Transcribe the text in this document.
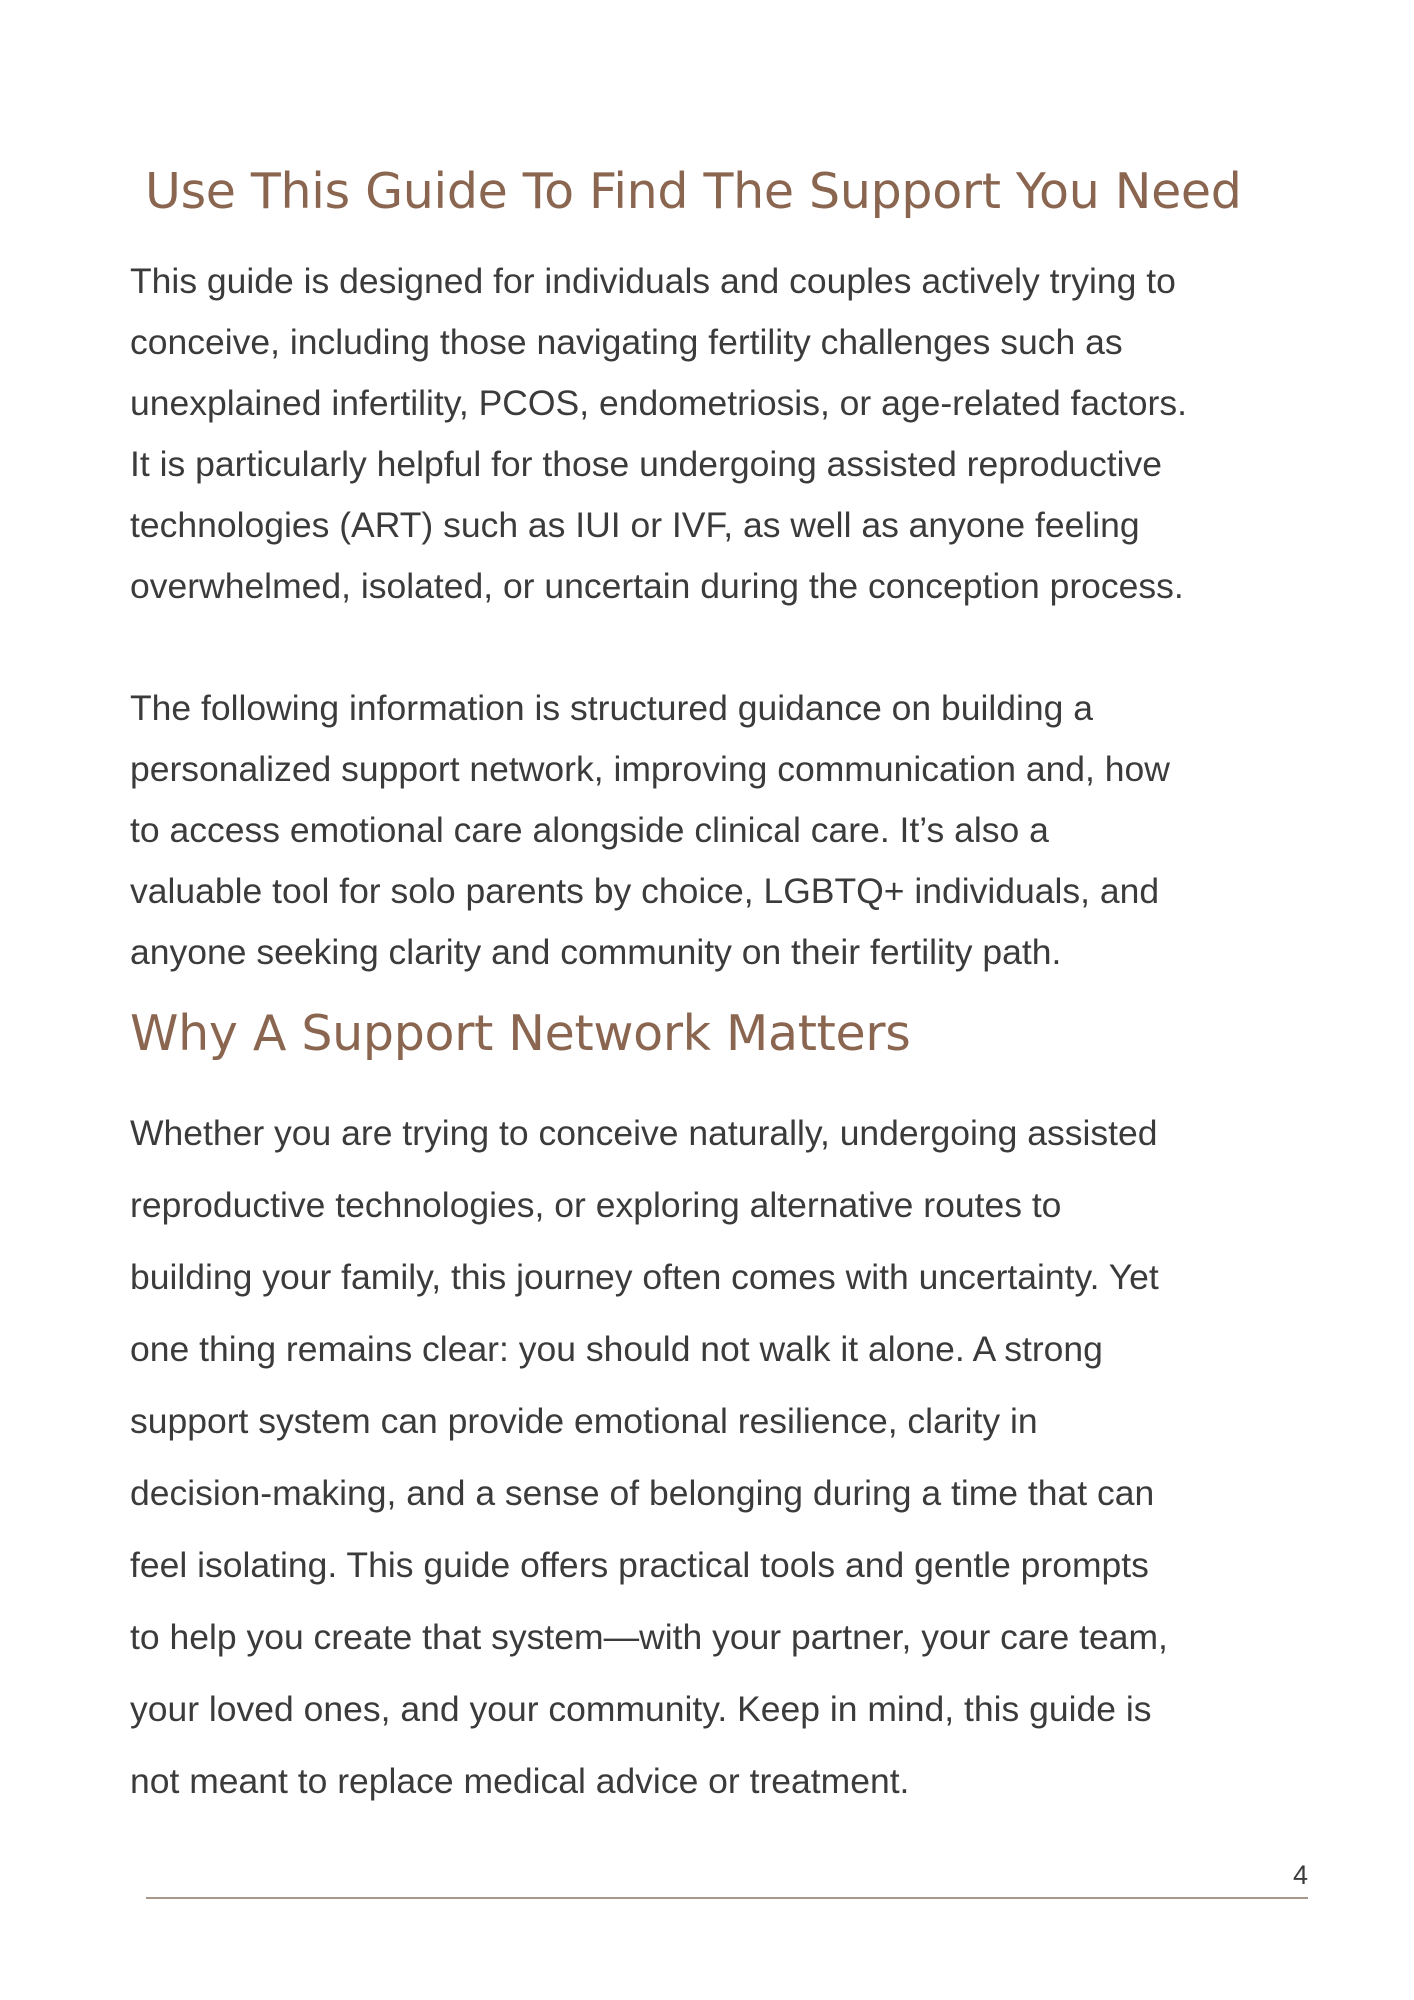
Use This Guide To Find The Support You Need

This guide is designed for individuals and couples actively trying to
conceive, including those navigating fertility challenges such as
unexplained infertility, PCOS, endometriosis, or age-related factors.
It is particularly helpful for those undergoing assisted reproductive
technologies (ART) such as IUI or IVF, as well as anyone feeling
overwhelmed, isolated, or uncertain during the conception process.

The following information is structured guidance on building a
personalized support network, improving communication and, how
to access emotional care alongside clinical care. It’s also a
valuable tool for solo parents by choice, LGBTQ+ individuals, and
anyone seeking clarity and community on their fertility path.

Why A Support Network Matters

Whether you are trying to conceive naturally, undergoing assisted
reproductive technologies, or exploring alternative routes to
building your family, this journey often comes with uncertainty. Yet
one thing remains clear: you should not walk it alone. A strong
support system can provide emotional resilience, clarity in
decision-making, and a sense of belonging during a time that can
feel isolating. This guide offers practical tools and gentle prompts
to help you create that system—with your partner, your care team,
your loved ones, and your community. Keep in mind, this guide is
not meant to replace medical advice or treatment.

4
